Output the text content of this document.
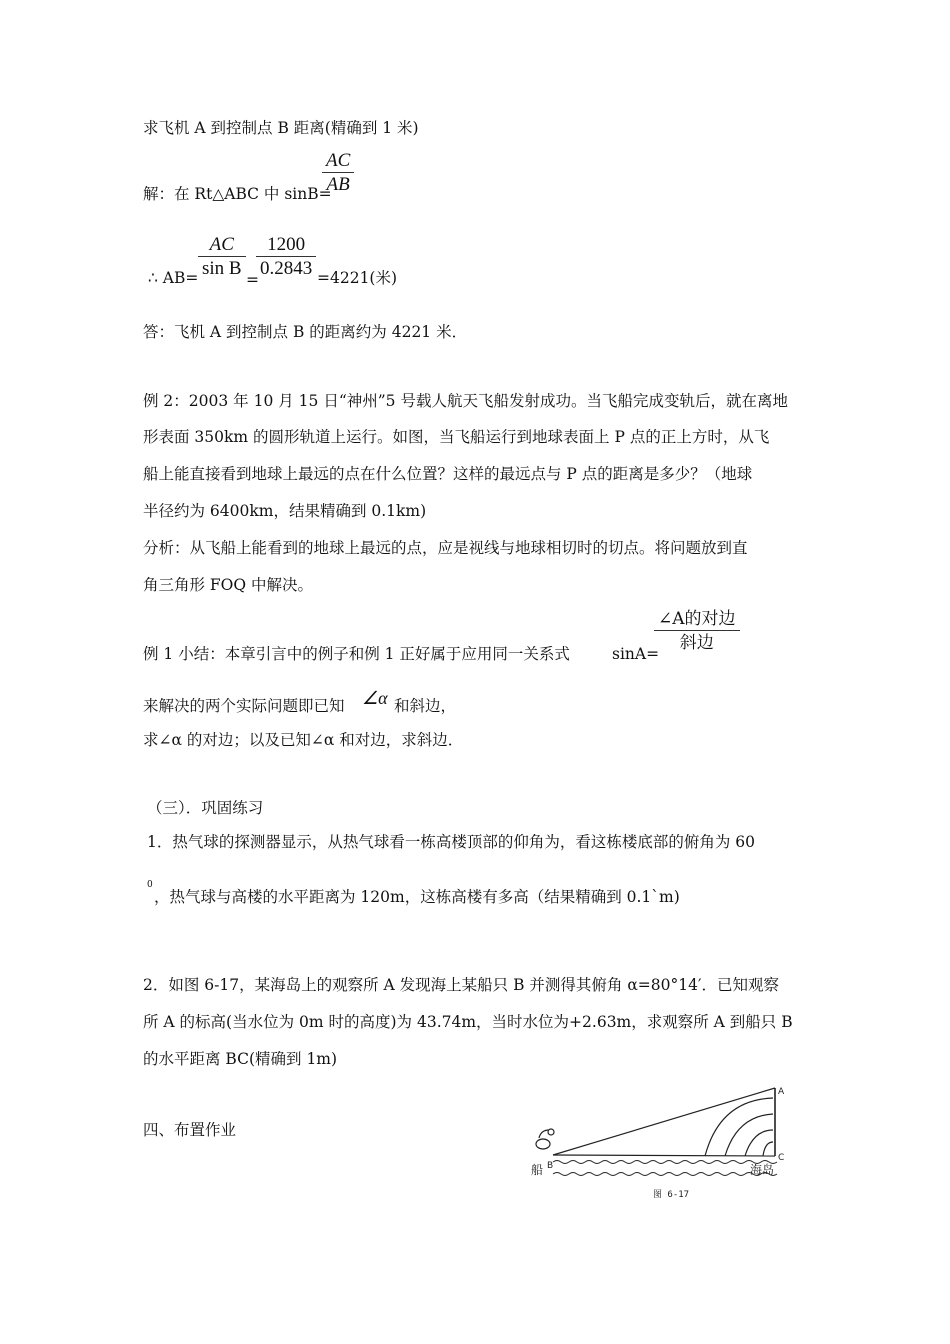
求飞机 A 到控制点 B 距离(精确到 1 米)
解：在 Rt△ABC 中 sinB=
$\frac{AC}{AB}$
∴ $AB= \frac{AC}{\text{sin B}}$ =
$\frac{1200}{0.2843} =4221$(米)
答：飞机 A 到控制点 B 的距离约为 4221 米．
例 2：2003 年 10 月 15 日“神州”5 号载人航天飞船发射成功。当飞船完成变轨后，就在离地
形表面 350km 的圆形轨道上运行。如图，当飞船运行到地球表面上 P 点的正上方时，从飞
船上能直接看到地球上最远的点在什么位置？这样的最远点与 P 点的距离是多少？（地球
半径约为 6400km，结果精确到 0.1km)
分析：从飞船上能看到的地球上最远的点，应是视线与地球相切时的切点。将问题放到直
角三角形 FOQ 中解决。
例 1 小结：本章引言中的例子和例 1 正好属于应用同一关系式	sinA=
∠A的对边
斜边
来解决的两个实际问题即已知 ∠α 和斜边，
求∠α 的对边；以及已知∠α 和对边，求斜边．
（三）．巩固练习
1．热气球的探测器显示，从热气球看一栋高楼顶部的仰角为，看这栋楼底部的俯角为 60
0
，热气球与高楼的水平距离为 120m，这栋高楼有多高（结果精确到 0.1`m)
2．如图 6-17，某海岛上的观察所 A 发现海上某船只 B 并测得其俯角 α=80°14′．已知观察
所 A 的标高(当水位为 0m 时的高度)为 43.74m，当时水位为+2.63m，求观察所 A 到船只 B
的水平距离 BC(精确到 1m)
四、布置作业
A
C
B
船	海岛
图 6-17
